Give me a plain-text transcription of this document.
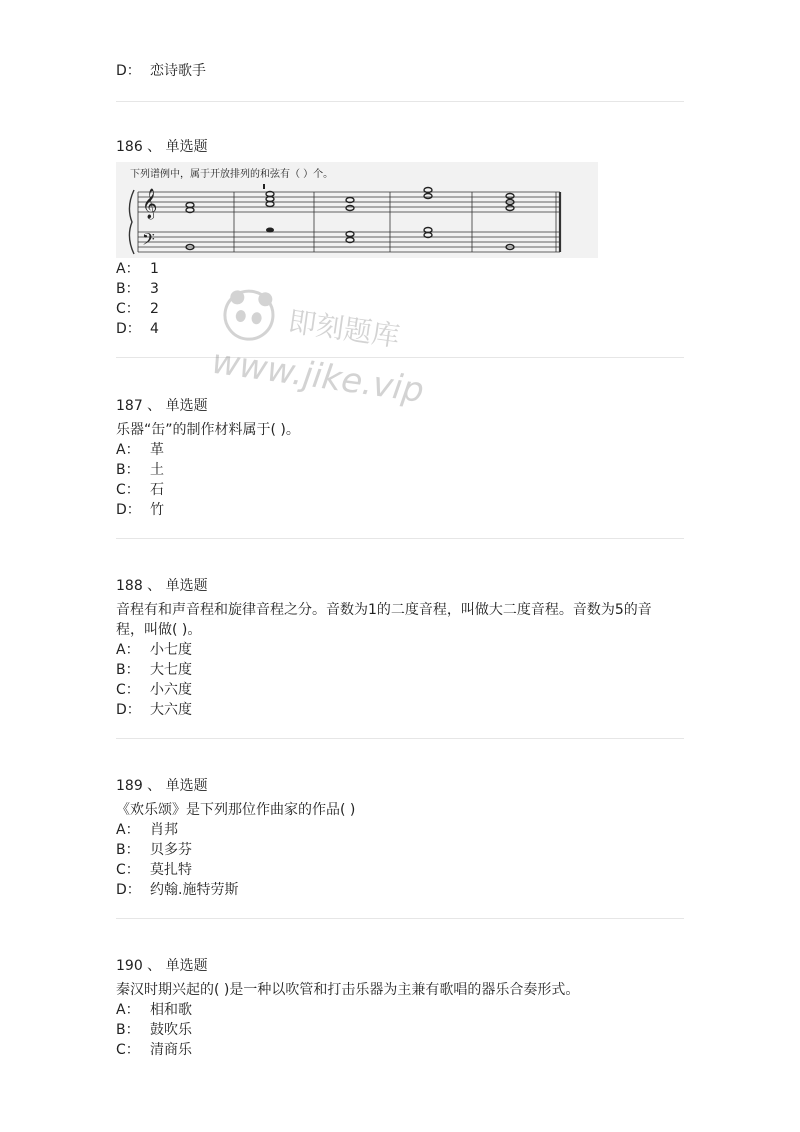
D： 恋诗歌手
186 、 单选题
下列谱例中，属于开放排列的和弦有（ ）个。
𝄞
𝄢
A： 1
B： 3
C： 2
D： 4
187 、 单选题
乐器“缶”的制作材料属于( )。
A： 革
B： 土
C： 石
D： 竹
188 、 单选题
音程有和声音程和旋律音程之分。音数为1的二度音程，叫做大二度音程。音数为5的音
程，叫做( )。
A： 小七度
B： 大七度
C： 小六度
D： 大六度
189 、 单选题
《欢乐颂》是下列那位作曲家的作品( )
A： 肖邦
B： 贝多芬
C： 莫扎特
D： 约翰.施特劳斯
190 、 单选题
秦汉时期兴起的( )是一种以吹管和打击乐器为主兼有歌唱的器乐合奏形式。
A： 相和歌
B： 鼓吹乐
C： 清商乐
即刻题库
www.jike.vip
